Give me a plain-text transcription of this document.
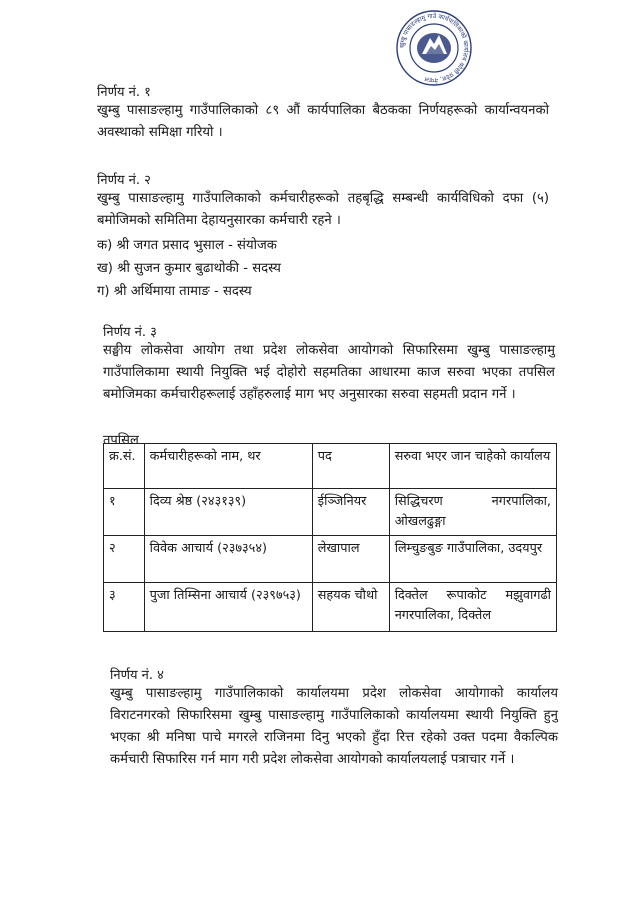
खुम्बु पासाङल्हामु गाउँ कार्यपालिकाको कार्यालय कोशी प्रदेश, नेपाल
निर्णय नं. १
खुम्बु पासाङल्हामु गाउँपालिकाको ८९ औं कार्यपालिका बैठकका निर्णयहरूको कार्यान्वयनको अवस्थाको समिक्षा गरियो ।
निर्णय नं. २
खुम्बु पासाङल्हामु गाउँपालिकाको कर्मचारीहरूको तहबृद्धि सम्बन्धी कार्यविधिको दफा (५) बमोजिमको समितिमा देहायनुसारका कर्मचारी रहने ।
क) श्री जगत प्रसाद भुसाल - संयोजक
ख) श्री सुजन कुमार बुढाथोकी - सदस्य
ग) श्री अर्थिमाया तामाङ - सदस्य
निर्णय नं. ३
सङ्घीय लोकसेवा आयोग तथा प्रदेश लोकसेवा आयोगको सिफारिसमा खुम्बु पासाङल्हामु गाउँपालिकामा स्थायी नियुक्ति भई दोहोरो सहमतिका आधारमा काज सरुवा भएका तपसिल बमोजिमका कर्मचारीहरूलाई उहाँहरुलाई माग भए अनुसारका सरुवा सहमती प्रदान गर्ने ।
तपसिल
क्र.सं.	कर्मचारीहरूको नाम, थर	पद	सरुवा भएर जान चाहेको कार्यालय
१	दिव्य श्रेष्ठ (२४३१३९)	ईञ्जिनियर	सिद्धिचरण नगरपालिका, ओखलढुङ्गा
२	विवेक आचार्य (२३७३५४)	लेखापाल	लिम्चुङबुङ गाउँपालिका, उदयपुर
३	पुजा तिम्सिना आचार्य (२३९७५३)	सहयक चौथो	दिक्तेल रूपाकोट मझुवागढी नगरपालिका, दिक्तेल
निर्णय नं. ४
खुम्बु पासाङल्हामु गाउँपालिकाको कार्यालयमा प्रदेश लोकसेवा आयोगाको कार्यालय विराटनगरको सिफारिसमा खुम्बु पासाङल्हामु गाउँपालिकाको कार्यालयमा स्थायी नियुक्ति हुनु भएका श्री मनिषा पाचे मगरले राजिनमा दिनु भएको हुँदा रित्त रहेको उक्त पदमा वैकल्पिक कर्मचारी सिफारिस गर्न माग गरी प्रदेश लोकसेवा आयोगको कार्यालयलाई पत्राचार गर्ने ।
